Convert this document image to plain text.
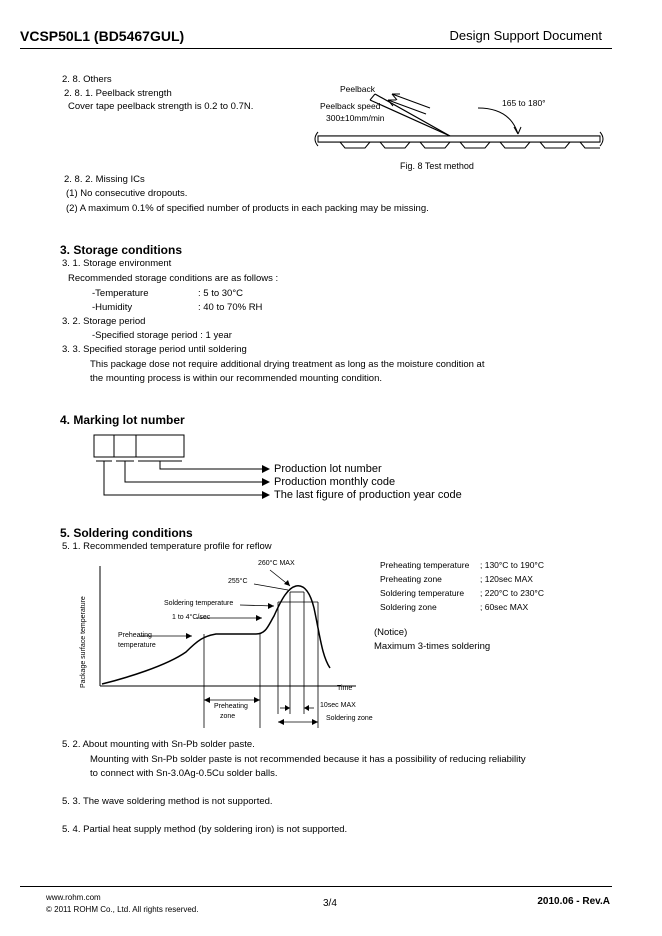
VCSP50L1 (BD5467GUL)	Design Support Document
2. 8. Others
2. 8. 1. Peelback strength
Cover tape peelback strength is 0.2 to 0.7N.
Peelback
Peelback speed
300±10mm/min
165 to 180°
Fig. 8 Test method
2. 8. 2. Missing ICs
(1) No consecutive dropouts.
(2) A maximum 0.1% of specified number of products in each packing may be missing.
3. Storage conditions
3. 1. Storage environment
Recommended storage conditions are as follows :
-Temperature	: 5 to 30°C
-Humidity	: 40 to 70% RH
3. 2. Storage period
-Specified storage period : 1 year
3. 3. Specified storage period until soldering
This package dose not require additional drying treatment as long as the moisture condition at
the mounting process is within our recommended mounting condition.
4. Marking lot number
Production lot number
Production monthly code
The last figure of production year code
5. Soldering conditions
5. 1. Recommended temperature profile for reflow
Package surface temperature
260°C MAX
255°C
Soldering temperature
1 to 4°C/sec
Preheating
temperature
Time
Preheating
zone
10sec MAX
Soldering zone
Preheating temperature ; 130°C to 190°C
Preheating zone	; 120sec MAX
Soldering temperature ; 220°C to 230°C
Soldering zone	; 60sec MAX
(Notice)
Maximum 3-times soldering
5. 2. About mounting with Sn-Pb solder paste.
Mounting with Sn-Pb solder paste is not recommended because it has a possibility of reducing reliability
to connect with Sn-3.0Ag-0.5Cu solder balls.
5. 3. The wave soldering method is not supported.
5. 4. Partial heat supply method (by soldering iron) is not supported.
www.rohm.com
© 2011 ROHM Co., Ltd. All rights reserved.
3/4	2010.06 - Rev.A
